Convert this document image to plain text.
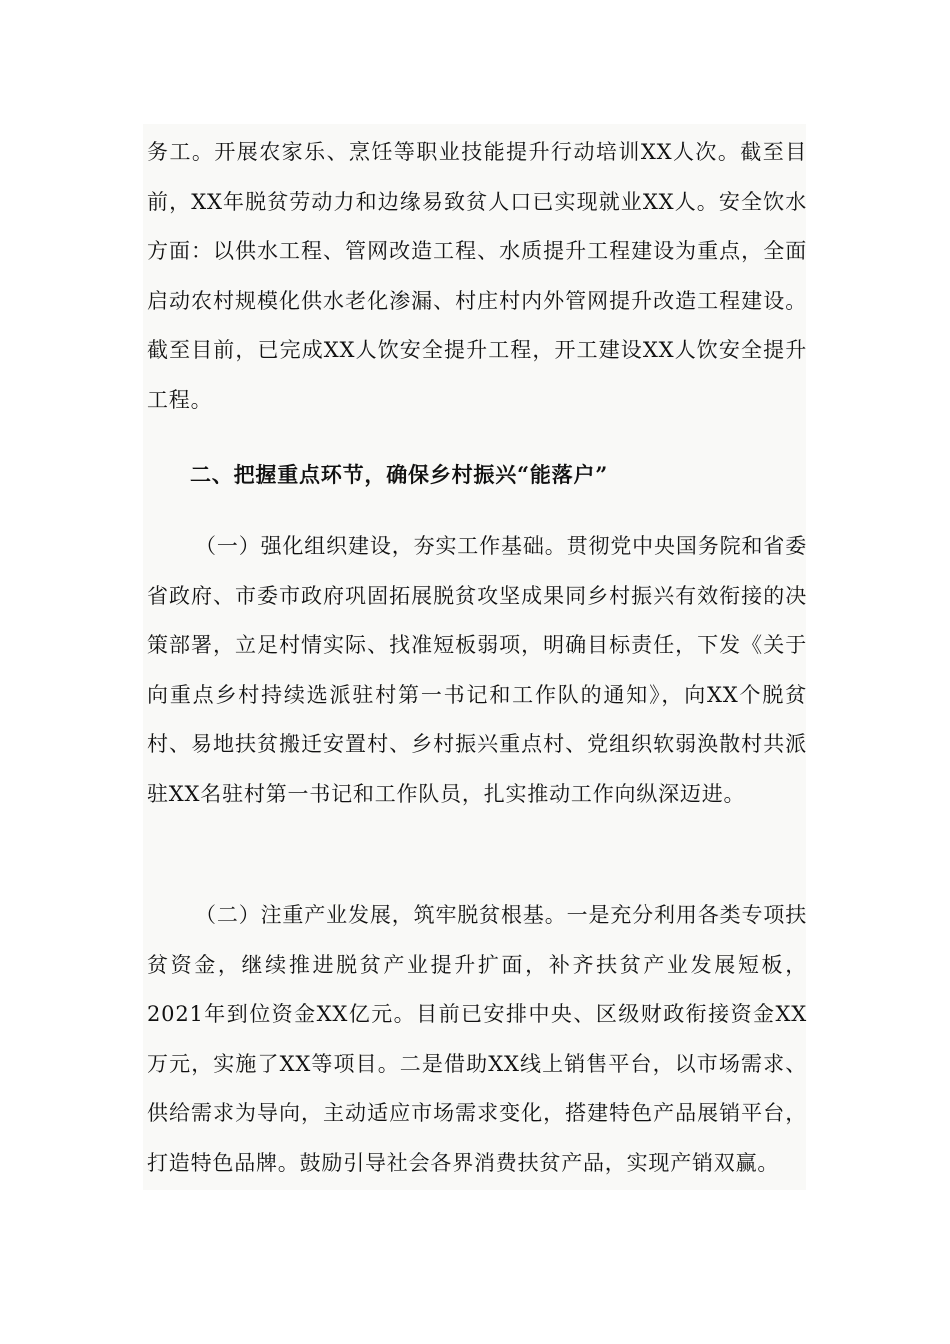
务工。开展农家乐、烹饪等职业技能提升行动培训XX人次。截至目前，XX年脱贫劳动力和边缘易致贫人口已实现就业XX人。安全饮水方面：以供水工程、管网改造工程、水质提升工程建设为重点，全面启动农村规模化供水老化渗漏、村庄村内外管网提升改造工程建设。截至目前，已完成XX人饮安全提升工程，开工建设XX人饮安全提升工程。

二、把握重点环节，确保乡村振兴“能落户”

（一）强化组织建设，夯实工作基础。贯彻党中央国务院和省委省政府、市委市政府巩固拓展脱贫攻坚成果同乡村振兴有效衔接的决策部署，立足村情实际、找准短板弱项，明确目标责任，下发《关于向重点乡村持续选派驻村第一书记和工作队的通知》，向XX个脱贫村、易地扶贫搬迁安置村、乡村振兴重点村、党组织软弱涣散村共派驻XX名驻村第一书记和工作队员，扎实推动工作向纵深迈进。

（二）注重产业发展，筑牢脱贫根基。一是充分利用各类专项扶贫资金，继续推进脱贫产业提升扩面，补齐扶贫产业发展短板，2021年到位资金XX亿元。目前已安排中央、区级财政衔接资金XX万元，实施了XX等项目。二是借助XX线上销售平台，以市场需求、供给需求为导向，主动适应市场需求变化，搭建特色产品展销平台，打造特色品牌。鼓励引导社会各界消费扶贫产品，实现产销双赢。
